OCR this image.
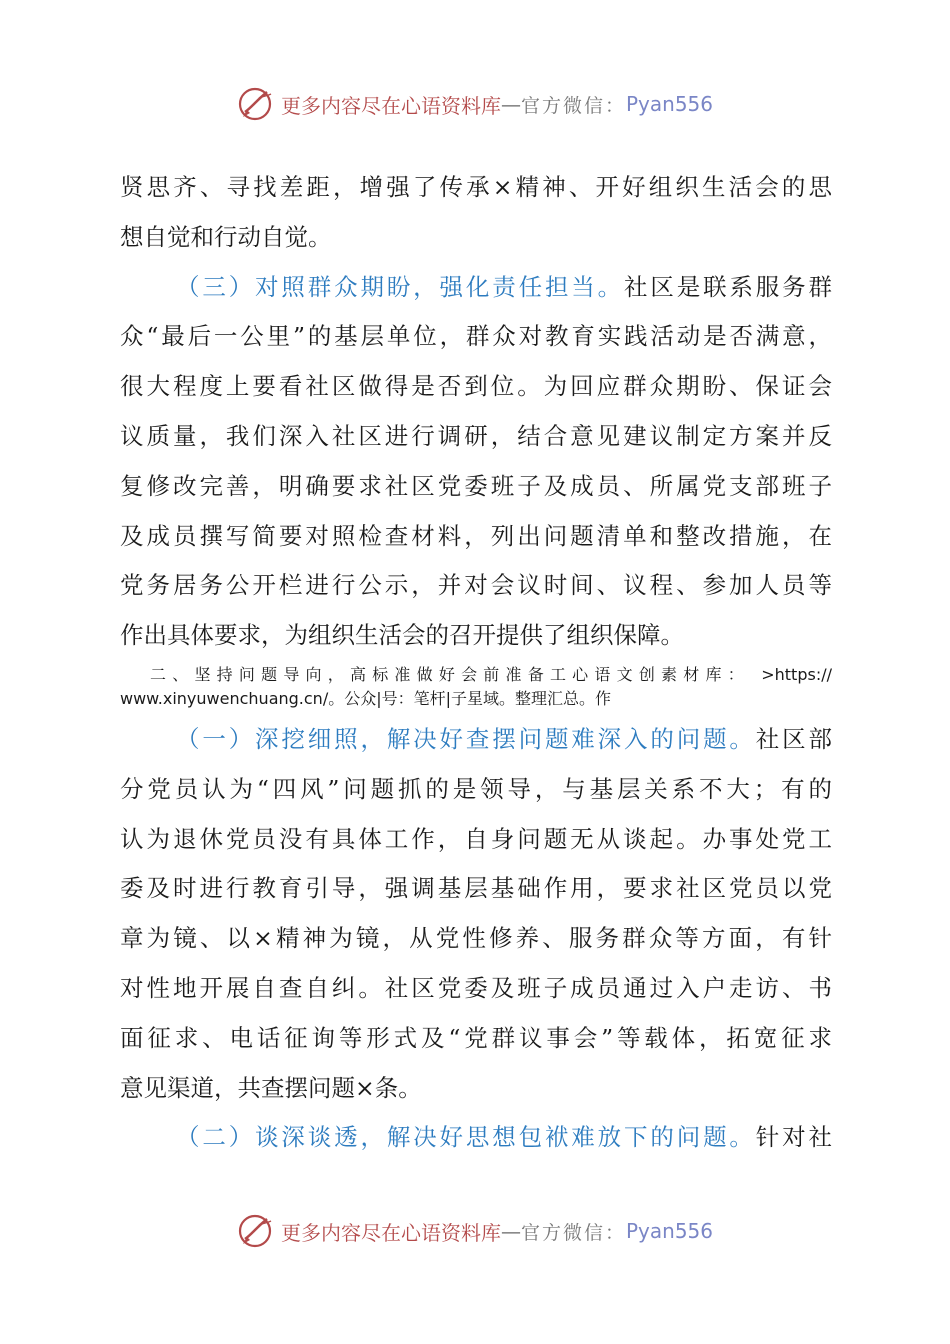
更多内容尽在心语资料库 — 官方微信： Pyan556
贤思齐、寻找差距，增强了传承×精神、开好组织生活会的思
想自觉和行动自觉。
（三）对照群众期盼，强化责任担当。社区是联系服务群
众“最后一公里”的基层单位，群众对教育实践活动是否满意，
很大程度上要看社区做得是否到位。为回应群众期盼、保证会
议质量，我们深入社区进行调研，结合意见建议制定方案并反
复修改完善，明确要求社区党委班子及成员、所属党支部班子
及成员撰写简要对照检查材料，列出问题清单和整改措施，在
党务居务公开栏进行公示，并对会议时间、议程、参加人员等
作出具体要求，为组织生活会的召开提供了组织保障。
二、坚持问题导向，高标准做好会前准备工心语文创素材库： >https://
www.xinyuwenchuang.cn/。公众|号：笔杆|子星域。整理汇总。作
（一）深挖细照，解决好查摆问题难深入的问题。社区部
分党员认为“四风”问题抓的是领导，与基层关系不大；有的
认为退休党员没有具体工作，自身问题无从谈起。办事处党工
委及时进行教育引导，强调基层基础作用，要求社区党员以党
章为镜、以×精神为镜，从党性修养、服务群众等方面，有针
对性地开展自查自纠。社区党委及班子成员通过入户走访、书
面征求、电话征询等形式及“党群议事会”等载体，拓宽征求
意见渠道，共查摆问题×条。
（二）谈深谈透，解决好思想包袱难放下的问题。针对社
更多内容尽在心语资料库 — 官方微信： Pyan556
